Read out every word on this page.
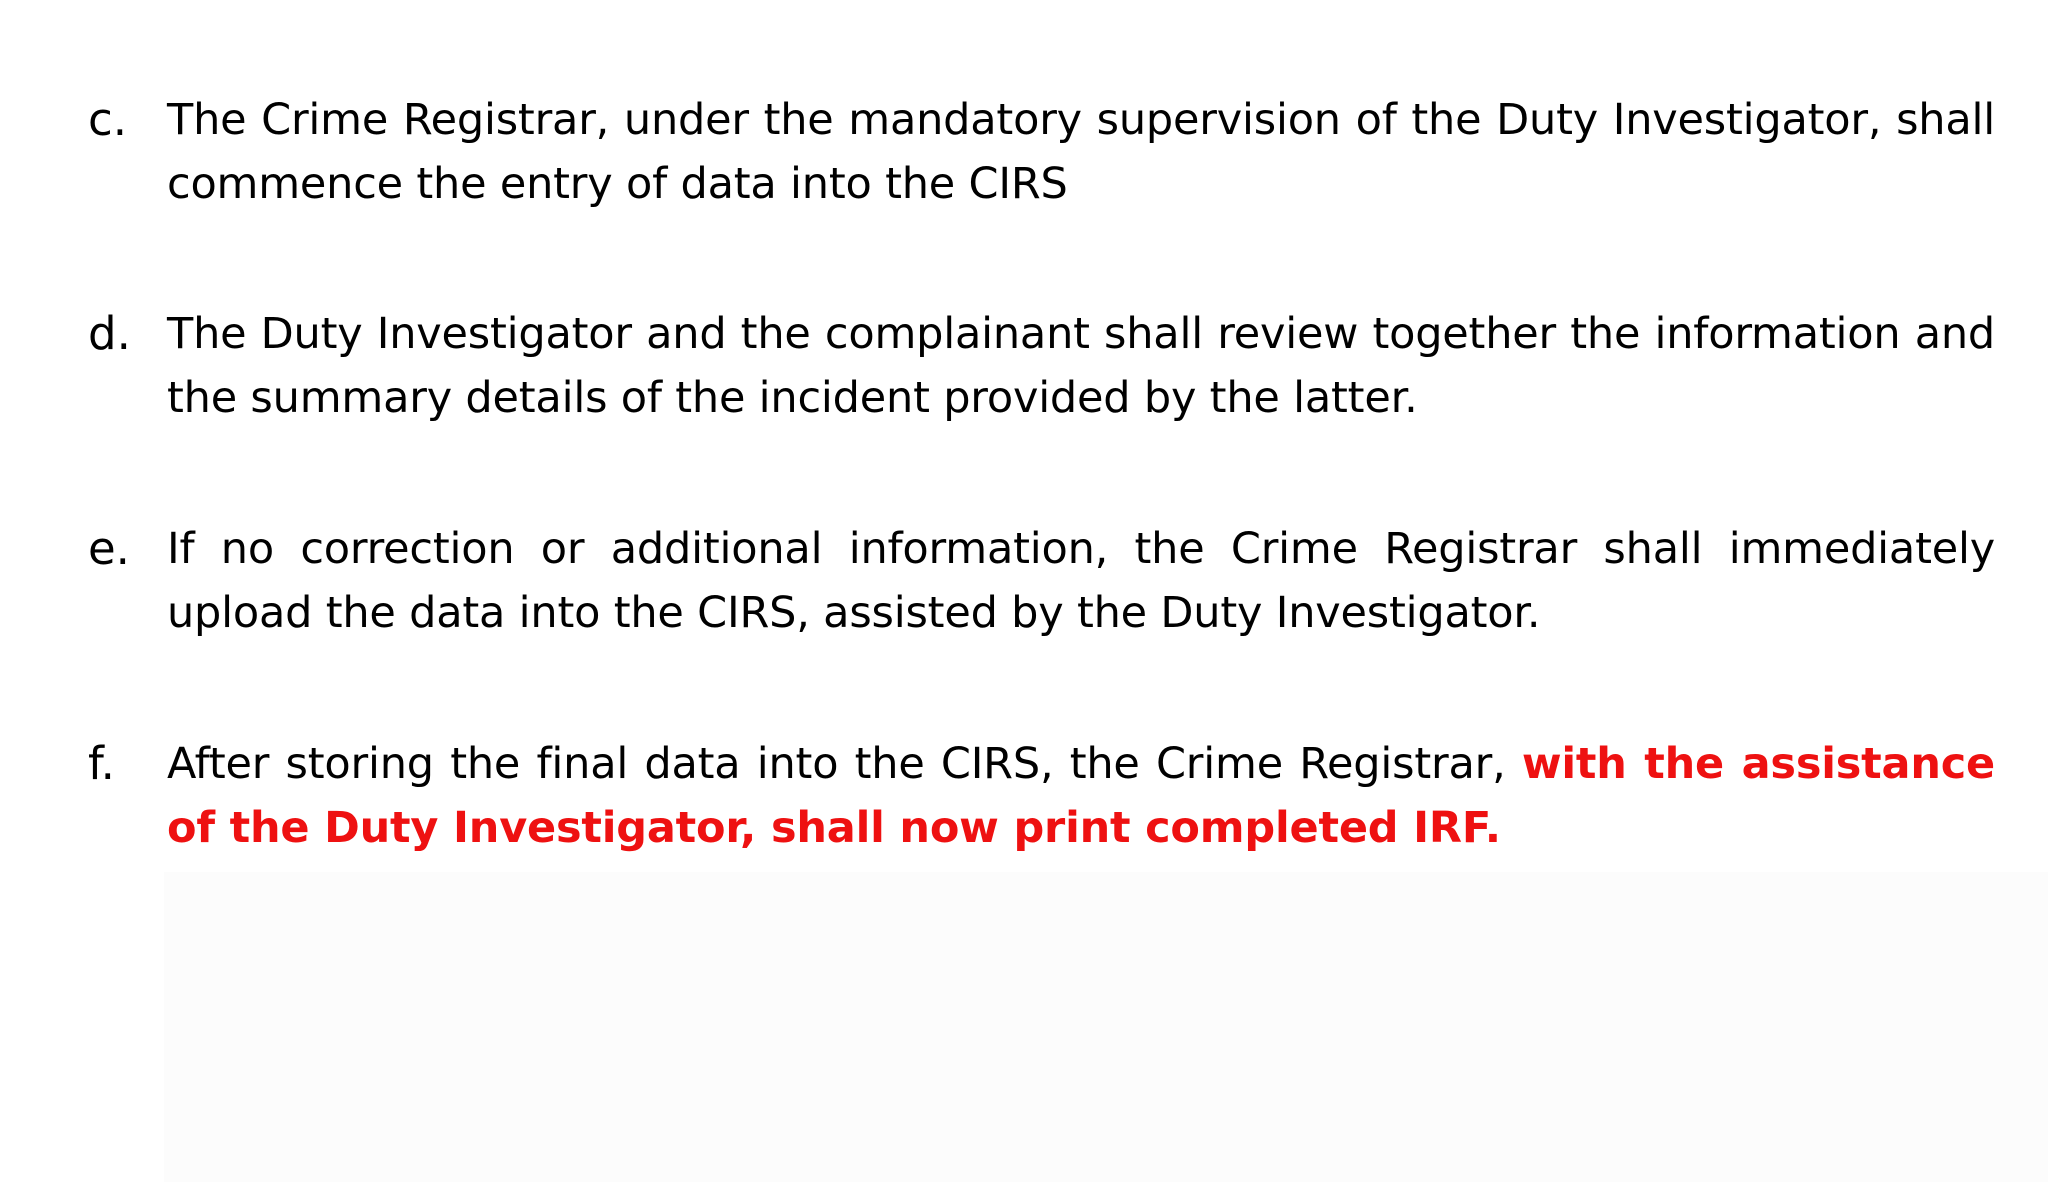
c. The Crime Registrar, under the mandatory supervision of the Duty Investigator, shall commence the entry of data into the CIRS
d. The Duty Investigator and the complainant shall review together the information and the summary details of the incident provided by the latter.
e. If no correction or additional information, the Crime Registrar shall immediately upload the data into the CIRS, assisted by the Duty Investigator.
f.	After storing the final data into the CIRS, the Crime Registrar, with the assistance of the Duty Investigator, shall now print completed IRF.
